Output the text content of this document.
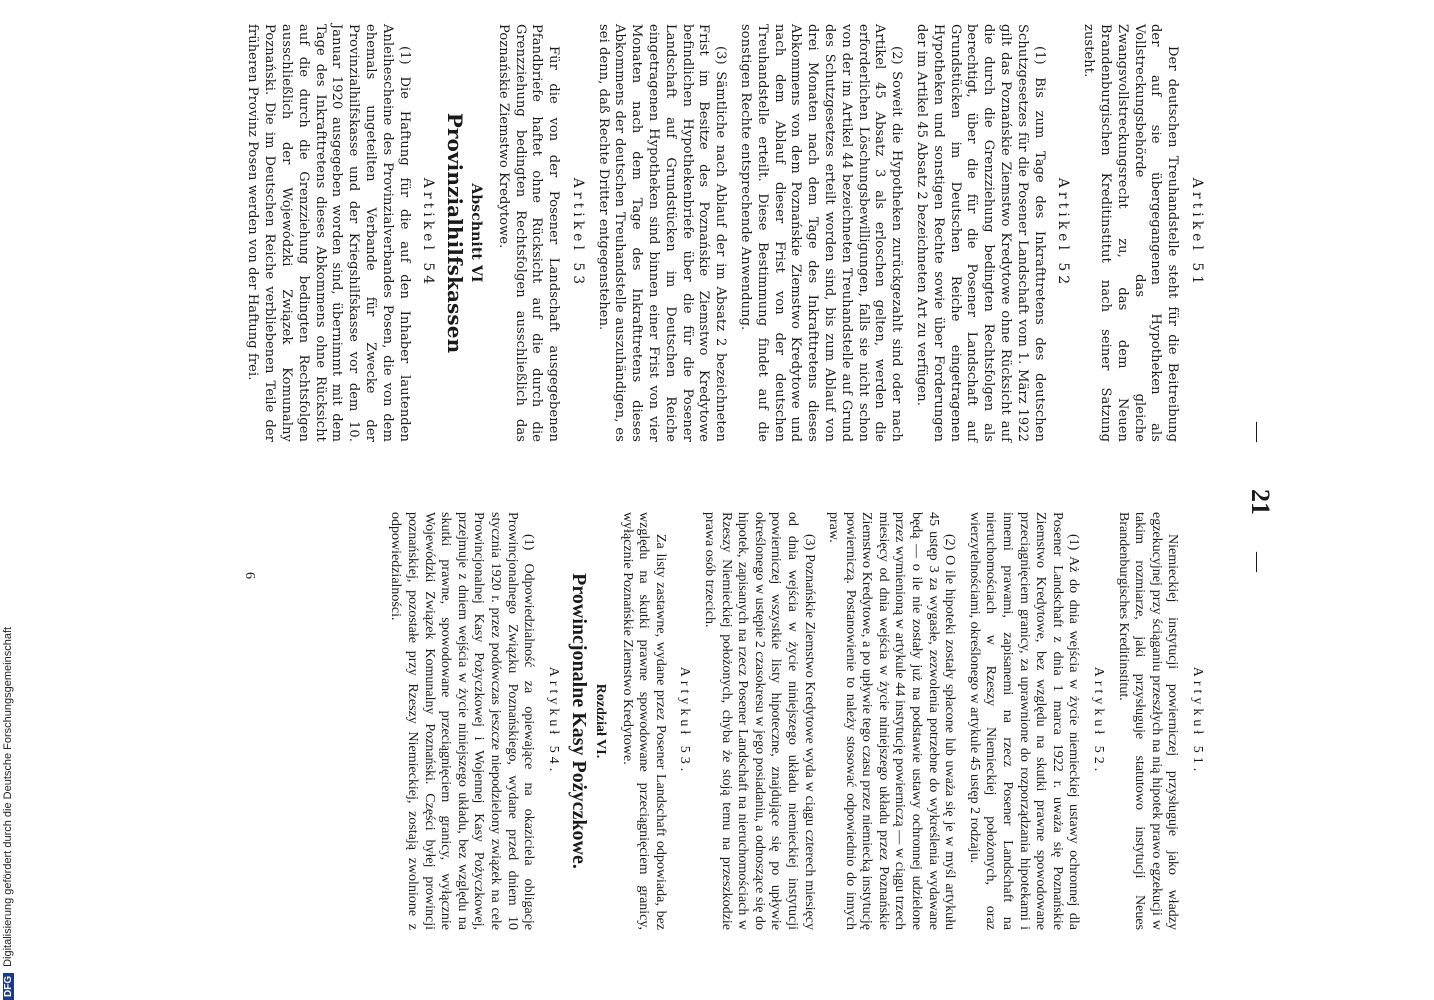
—
21
—
Artikel 51

Der deutschen Treuhandstelle steht für die Beitreibung der auf sie übergegangenen Hypotheken als Vollstreckungsbehörde das gleiche Zwangsvollstreckungsrecht zu, das dem Neuen Brandenburgischen Kreditinstitut nach seiner Satzung zusteht.

Artikel 52

(1) Bis zum Tage des Inkrafttretens des deutschen Schutzgesetzes für die Posener Landschaft vom 1. März 1922 gilt das Poznańskie Ziemstwo Kredytowe ohne Rücksicht auf die durch die Grenzziehung bedingten Rechtsfolgen als berechtigt, über die für die Posener Landschaft auf Grundstücken im Deutschen Reiche eingetragenen Hypotheken und sonstigen Rechte sowie über Forderungen der im Artikel 45 Absatz 2 bezeichneten Art zu verfügen.

(2) Soweit die Hypotheken zurückgezahlt sind oder nach Artikel 45 Absatz 3 als erloschen gelten, werden die erforderlichen Löschungsbewilligungen, falls sie nicht schon von der im Artikel 44 bezeichneten Treuhandstelle auf Grund des Schutzgesetzes erteilt worden sind, bis zum Ablauf von drei Monaten nach dem Tage des Inkrafttretens dieses Abkommens von dem Poznańskie Ziemstwo Kredytowe und nach dem Ablauf dieser Frist von der deutschen Treuhandstelle erteilt. Diese Bestimmung findet auf die sonstigen Rechte entsprechende Anwendung.

(3) Sämtliche nach Ablauf der im Absatz 2 bezeichneten Frist im Besitze des Poznańskie Ziemstwo Kredytowe befindlichen Hypothekenbriefe über die für die Posener Landschaft auf Grundstücken im Deutschen Reiche eingetragenen Hypotheken sind binnen einer Frist von vier Monaten nach dem Tage des Inkrafttretens dieses Abkommens der deutschen Treuhandstelle auszuhändigen, es sei denn, daß Rechte Dritter entgegenstehen.

Artikel 53

Für die von der Posener Landschaft ausgegebenen Pfandbriefe haftet ohne Rücksicht auf die durch die Grenzziehung bedingten Rechtsfolgen ausschließlich das Poznańskie Ziemstwo Kredytowe.

Abschnitt VI
Provinzialhilfskassen
Artikel 54

(1) Die Haftung für die auf den Inhaber lautenden Anleihescheine des Provinzialverbandes Posen, die von dem ehemals ungeteilten Verbande für Zwecke der Provinzialhilfskasse und der Kriegshilfskasse vor dem 10. Januar 1920 ausgegeben worden sind, übernimmt mit dem Tage des Inkrafttretens dieses Abkommens ohne Rücksicht auf die durch die Grenzziehung bedingten Rechtsfolgen ausschließlich der Wojewódzki Związek Komunalny Poznański. Die im Deutschen Reiche verbliebenen Teile der früheren Provinz Posen werden von der Haftung frei.

Artykuł 51.

Niemieckiej instytucji powierniczej przysługuje jako władzy egzekucyjnej przy ściąganiu przeszłych na nią hipotek prawo egzekucji w takim rozmiarze, jaki przysługuje statutowo instytucji Neues Brandenburgisches Kreditinstitut.

Artykuł 52.

(1) Aż do dnia wejścia w życie niemieckiej ustawy ochronnej dla Posener Landschaft z dnia 1 marca 1922 r. uważa się Poznańskie Ziemstwo Kredytowe, bez względu na skutki prawne spowodowane przeciągnięciem granicy, za uprawnione do rozporządzania hipotekami i innemi prawami, zapisanemi na rzecz Posener Landschaft na nieruchomościach w Rzeszy Niemieckiej położonych, oraz wierzytelnościami, określonego w artykule 45 ustęp 2 rodzaju.

(2) O ile hipoteki zostały spłacone lub uważa się je w myśl artykułu 45 ustęp 3 za wygasłe, zezwolenia potrzebne do wykreślenia wydawane będą — o ile nie zostały już na podstawie ustawy ochronnej udzielone przez wymienioną w artykule 44 instytucję powierniczą — w ciągu trzech miesięcy od dnia wejścia w życie niniejszego układu przez Poznańskie Ziemstwo Kredytowe, a po upływie tego czasu przez niemiecką instytucję powierniczą. Postanowienie to należy stosować odpowiednio do innych praw.

(3) Poznańskie Ziemstwo Kredytowe wyda w ciągu czterech miesięcy od dnia wejścia w życie niniejszego układu niemieckiej instytucji powierniczej wszystkie listy hipoteczne, znajdujące się po upływie określonego w ustępie 2 czasokresu w jego posiadaniu, a odnoszące się do hipotek, zapisanych na rzecz Posener Landschaft na nieruchomościach w Rzeszy Niemieckiej położonych, chyba że stoją temu na przeszkodzie prawa osób trzecich.

Artykuł 53.

Za listy zastawne, wydane przez Posener Landschaft odpowiada, bez względu na skutki prawne spowodowane przeciągnięciem granicy, wyłącznie Poznańskie Ziemstwo Kredytowe.

Rozdział VI.
Prowincjonalne Kasy Pożyczkowe.
Artykuł 54.

(1) Odpowiedzialność za opiewające na okaziciela obligacje Prowincjonalnego Związku Poznańskiego, wydane przed dniem 10 stycznia 1920 r. przez podówczas jeszcze niepodzielony związek na cele Prowincjonalnej Kasy Pożyczkowej i Wojennej Kasy Pożyczkowej, przejmuje z dniem wejścia w życie niniejszego układu, bez względu na skutki prawne, spowodowane przeciągnięciem granicy, wyłącznie Wojewódzki Związek Komunalny Poznański. Części byłej prowincji poznańskiej, pozostałe przy Rzeszy Niemieckiej, zostają zwolnione z odpowiedzialności.

6
DFGDigitalisierung gefördert durch die Deutsche Forschungsgemeinschaft
